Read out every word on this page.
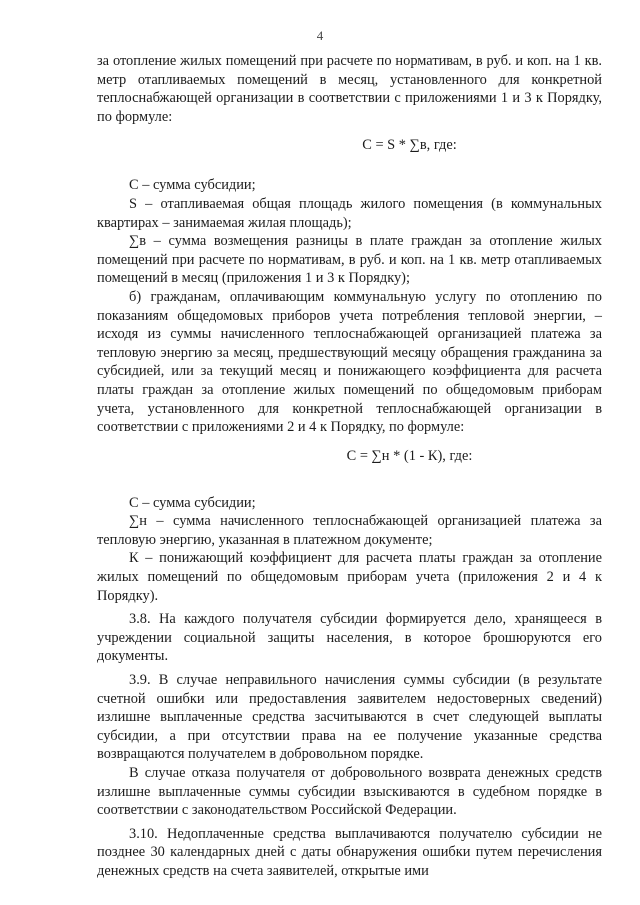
4

за отопление жилых помещений при расчете по нормативам, в руб. и коп. на 1 кв. метр отапливаемых помещений в месяц, установленного для конкретной теплоснабжающей организации в соответствии с приложениями 1 и 3 к Порядку, по формуле:

С = S * ∑в, где:

С – сумма субсидии;

S – отапливаемая общая площадь жилого помещения (в коммунальных квартирах – занимаемая жилая площадь);

∑в – сумма возмещения разницы в плате граждан за отопление жилых помещений при расчете по нормативам, в руб. и коп. на 1 кв. метр отапливаемых помещений в месяц (приложения 1 и 3 к Порядку);

б) гражданам, оплачивающим коммунальную услугу по отоплению по показаниям общедомовых приборов учета потребления тепловой энергии, – исходя из суммы начисленного теплоснабжающей организацией платежа за тепловую энергию за месяц, предшествующий месяцу обращения гражданина за субсидией, или за текущий месяц и понижающего коэффициента для расчета платы граждан за отопление жилых помещений по общедомовым приборам учета, установленного для конкретной теплоснабжающей организации в соответствии с приложениями 2 и 4 к Порядку, по формуле:

С = ∑н * (1 - К), где:

С – сумма субсидии;

∑н – сумма начисленного теплоснабжающей организацией платежа за тепловую энергию, указанная в платежном документе;

К – понижающий коэффициент для расчета платы граждан за отопление жилых помещений по общедомовым приборам учета (приложения 2 и 4 к Порядку).

3.8. На каждого получателя субсидии формируется дело, хранящееся в учреждении социальной защиты населения, в которое брошюруются его документы.

3.9. В случае неправильного начисления суммы субсидии (в результате счетной ошибки или предоставления заявителем недостоверных сведений) излишне выплаченные средства засчитываются в счет следующей выплаты субсидии, а при отсутствии права на ее получение указанные средства возвращаются получателем в добровольном порядке.

В случае отказа получателя от добровольного возврата денежных средств излишне выплаченные суммы субсидии взыскиваются в судебном порядке в соответствии с законодательством Российской Федерации.

3.10. Недоплаченные средства выплачиваются получателю субсидии не позднее 30 календарных дней с даты обнаружения ошибки путем перечисления денежных средств на счета заявителей, открытые ими
